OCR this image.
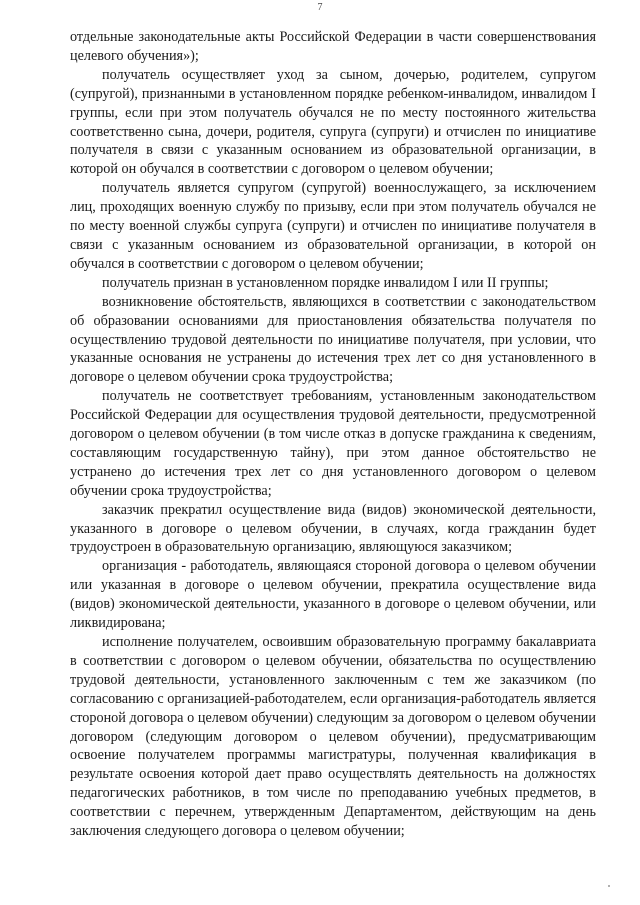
7

отдельные законодательные акты Российской Федерации в части совершенствования целевого обучения»);

получатель осуществляет уход за сыном, дочерью, родителем, супругом (супругой), признанными в установленном порядке ребенком-инвалидом, инвалидом I группы, если при этом получатель обучался не по месту постоянного жительства соответственно сына, дочери, родителя, супруга (супруги) и отчислен по инициативе получателя в связи с указанным основанием из образовательной организации, в которой он обучался в соответствии с договором о целевом обучении;

получатель является супругом (супругой) военнослужащего, за исключением лиц, проходящих военную службу по призыву, если при этом получатель обучался не по месту военной службы супруга (супруги) и отчислен по инициативе получателя в связи с указанным основанием из образовательной организации, в которой он обучался в соответствии с договором о целевом обучении;

получатель признан в установленном порядке инвалидом I или II группы;

возникновение обстоятельств, являющихся в соответствии с законодательством об образовании основаниями для приостановления обязательства получателя по осуществлению трудовой деятельности по инициативе получателя, при условии, что указанные основания не устранены до истечения трех лет со дня установленного в договоре о целевом обучении срока трудоустройства;

получатель не соответствует требованиям, установленным законодательством Российской Федерации для осуществления трудовой деятельности, предусмотренной договором о целевом обучении (в том числе отказ в допуске гражданина к сведениям, составляющим государственную тайну), при этом данное обстоятельство не устранено до истечения трех лет со дня установленного договором о целевом обучении срока трудоустройства;

заказчик прекратил осуществление вида (видов) экономической деятельности, указанного в договоре о целевом обучении, в случаях, когда гражданин будет трудоустроен в образовательную организацию, являющуюся заказчиком;

организация - работодатель, являющаяся стороной договора о целевом обучении или указанная в договоре о целевом обучении, прекратила осуществление вида (видов) экономической деятельности, указанного в договоре о целевом обучении, или ликвидирована;

исполнение получателем, освоившим образовательную программу бакалавриата в соответствии с договором о целевом обучении, обязательства по осуществлению трудовой деятельности, установленного заключенным с тем же заказчиком (по согласованию с организацией-работодателем, если организация-работодатель является стороной договора о целевом обучении) следующим за договором о целевом обучении договором (следующим договором о целевом обучении), предусматривающим освоение получателем программы магистратуры, полученная квалификация в результате освоения которой дает право осуществлять деятельность на должностях педагогических работников, в том числе по преподаванию учебных предметов, в соответствии с перечнем, утвержденным Департаментом, действующим на день заключения следующего договора о целевом обучении;
